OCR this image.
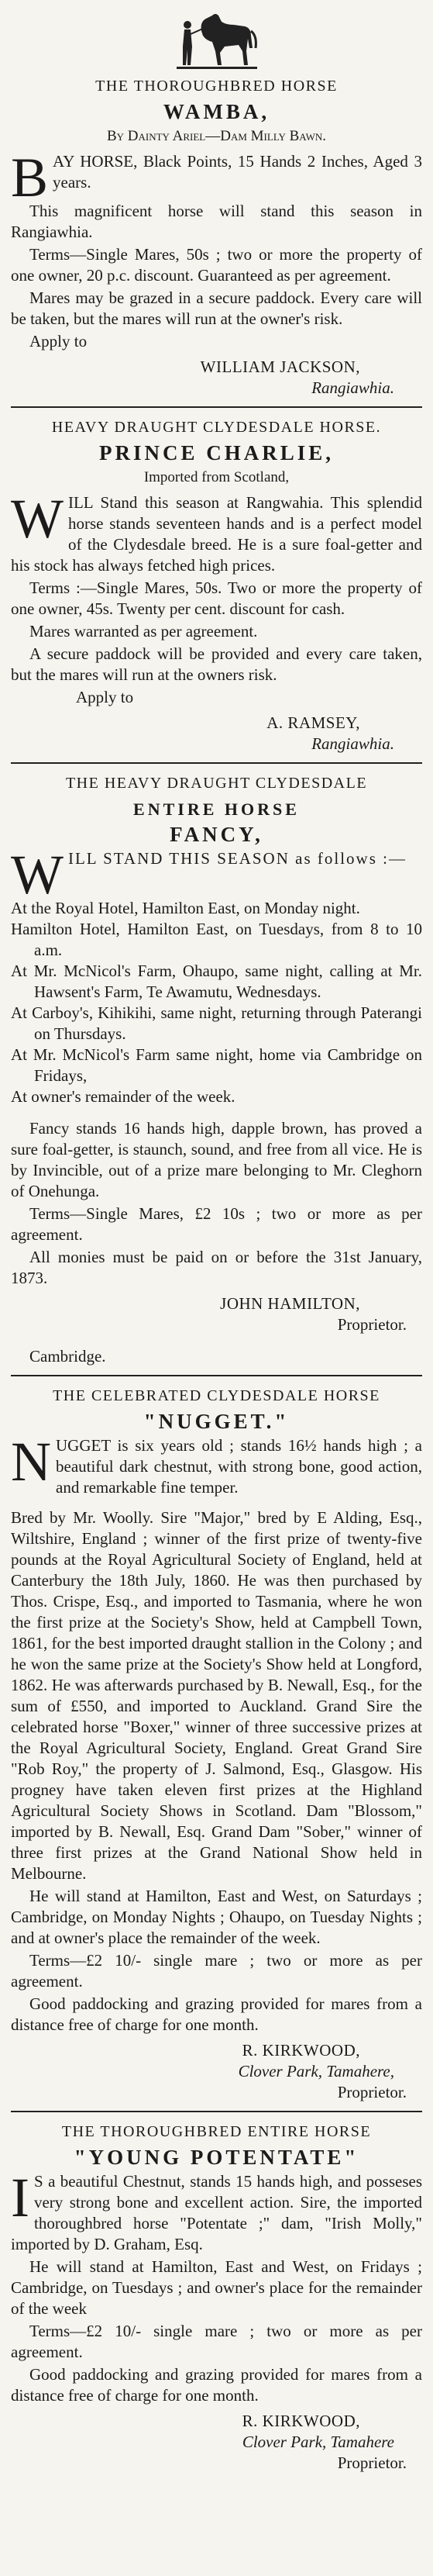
THE THOROUGHBRED HORSE
WAMBA,
By Dainty Ariel—Dam Milly Bawn.

BAY HORSE, Black Points, 15 Hands 2 Inches, Aged 3 years.

This magnificent horse will stand this season in Rangiawhia.

Terms—Single Mares, 50s ; two or more the property of one owner, 20 p.c. discount. Guaranteed as per agreement.

Mares may be grazed in a secure paddock. Every care will be taken, but the mares will run at the owner's risk.

Apply to

WILLIAM JACKSON,
Rangiawhia.
HEAVY DRAUGHT CLYDESDALE HORSE.
PRINCE CHARLIE,
Imported from Scotland,

WILL Stand this season at Rangwahia. This splendid horse stands seventeen hands and is a perfect model of the Clydesdale breed. He is a sure foal-getter and his stock has always fetched high prices.

Terms :—Single Mares, 50s. Two or more the property of one owner, 45s. Twenty per cent. discount for cash.

Mares warranted as per agreement.

A secure paddock will be provided and every care taken, but the mares will run at the owners risk.

Apply to

A. RAMSEY,
Rangiawhia.
THE HEAVY DRAUGHT CLYDESDALE
ENTIRE HORSE
FANCY,

WILL STAND THIS SEASON as follows :—

At the Royal Hotel, Hamilton East, on Monday night.

Hamilton Hotel, Hamilton East, on Tuesdays, from 8 to 10 a.m.

At Mr. McNicol's Farm, Ohaupo, same night, calling at Mr. Hawsent's Farm, Te Awamutu, Wednesdays.

At Carboy's, Kihikihi, same night, returning through Paterangi on Thursdays.

At Mr. McNicol's Farm same night, home via Cambridge on Fridays,

At owner's remainder of the week.

Fancy stands 16 hands high, dapple brown, has proved a sure foal-getter, is staunch, sound, and free from all vice. He is by Invincible, out of a prize mare belonging to Mr. Cleghorn of Onehunga.

Terms—Single Mares, £2 10s ; two or more as per agreement.

All monies must be paid on or before the 31st January, 1873.

JOHN HAMILTON,
Proprietor.
Cambridge.
THE CELEBRATED CLYDESDALE HORSE
"NUGGET."

NUGGET is six years old ; stands 16½ hands high ; a beautiful dark chestnut, with strong bone, good action, and remarkable fine temper.

Bred by Mr. Woolly. Sire "Major," bred by E Alding, Esq., Wiltshire, England ; winner of the first prize of twenty-five pounds at the Royal Agricultural Society of England, held at Canterbury the 18th July, 1860. He was then purchased by Thos. Crispe, Esq., and imported to Tasmania, where he won the first prize at the Society's Show, held at Campbell Town, 1861, for the best imported draught stallion in the Colony ; and he won the same prize at the Society's Show held at Longford, 1862. He was afterwards purchased by B. Newall, Esq., for the sum of £550, and imported to Auckland. Grand Sire the celebrated horse "Boxer," winner of three successive prizes at the Royal Agricultural Society, England. Great Grand Sire "Rob Roy," the property of J. Salmond, Esq., Glasgow. His progney have taken eleven first prizes at the Highland Agricultural Society Shows in Scotland. Dam "Blossom," imported by B. Newall, Esq. Grand Dam "Sober," winner of three first prizes at the Grand National Show held in Melbourne.

He will stand at Hamilton, East and West, on Saturdays ; Cambridge, on Monday Nights ; Ohaupo, on Tuesday Nights ; and at owner's place the remainder of the week.

Terms—£2 10/- single mare ; two or more as per agreement.

Good paddocking and grazing provided for mares from a distance free of charge for one month.

R. KIRKWOOD,
Clover Park, Tamahere,
Proprietor.
THE THOROUGHBRED ENTIRE HORSE
"YOUNG POTENTATE"

I S a beautiful Chestnut, stands 15 hands high, and posseses very strong bone and excellent action. Sire, the imported thoroughbred horse "Potentate ;" dam, "Irish Molly," imported by D. Graham, Esq.

He will stand at Hamilton, East and West, on Fridays ; Cambridge, on Tuesdays ; and owner's place for the remainder of the week

Terms—£2 10/- single mare ; two or more as per agreement.

Good paddocking and grazing provided for mares from a distance free of charge for one month.

R. KIRKWOOD,
Clover Park, Tamahere
Proprietor.
